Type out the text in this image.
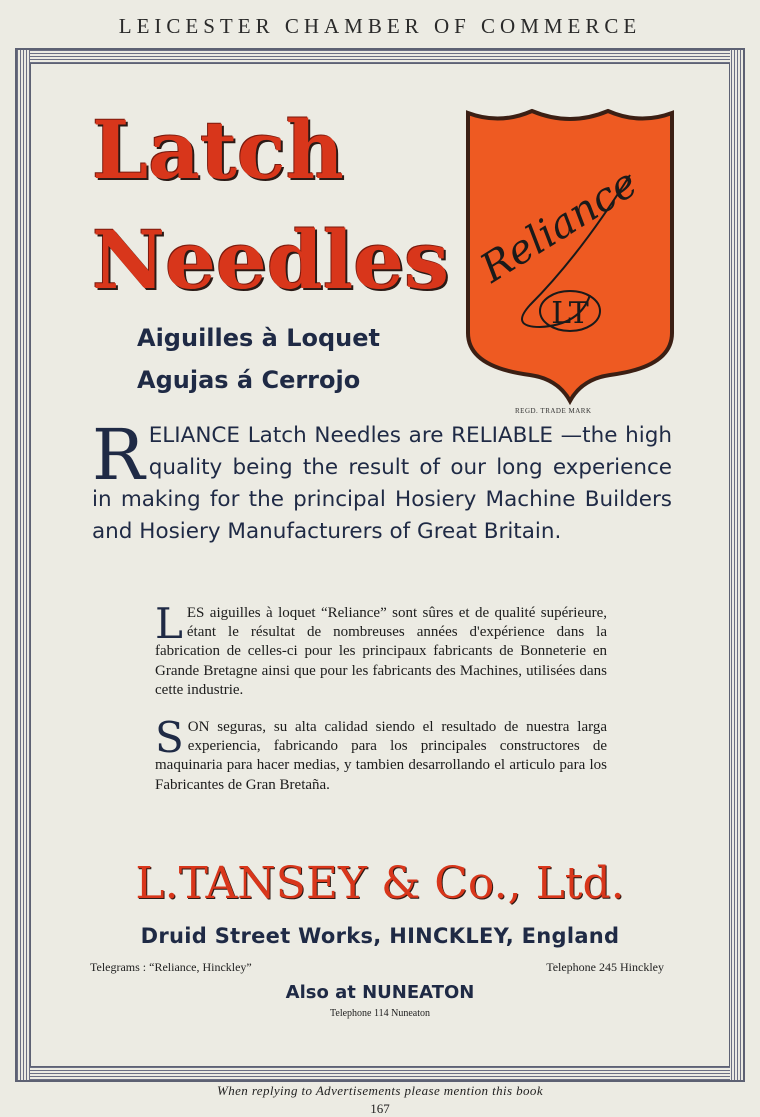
LEICESTER CHAMBER OF COMMERCE
Latch
Needles
Aiguilles à Loquet
Agujas á Cerrojo
Reliance
LT
REGD. TRADE MARK
R ELIANCE Latch Needles are RELIABLE —the high quality being the result of our long experience in making for the principal Hosiery Machine Builders and Hosiery Manufacturers of Great Britain.
L ES aiguilles à loquet “Reliance” sont sûres et de qualité supérieure, étant le résultat de nombreuses années d'expérience dans la fabrication de celles-ci pour les principaux fabricants de Bonneterie en Grande Bretagne ainsi que pour les fabricants des Machines, utilisées dans cette industrie.
S ON seguras, su alta calidad siendo el resultado de nuestra larga experiencia, fabricando para los principales constructores de maquinaria para hacer medias, y tambien desarrollando el articulo para los Fabricantes de Gran Bretaña.
L.TANSEY & Co., Ltd.
Druid Street Works, HINCKLEY, England
Telegrams : “Reliance, Hinckley”	Telephone 245 Hinckley
Also at NUNEATON
Telephone 114 Nuneaton
When replying to Advertisements please mention this book
167
